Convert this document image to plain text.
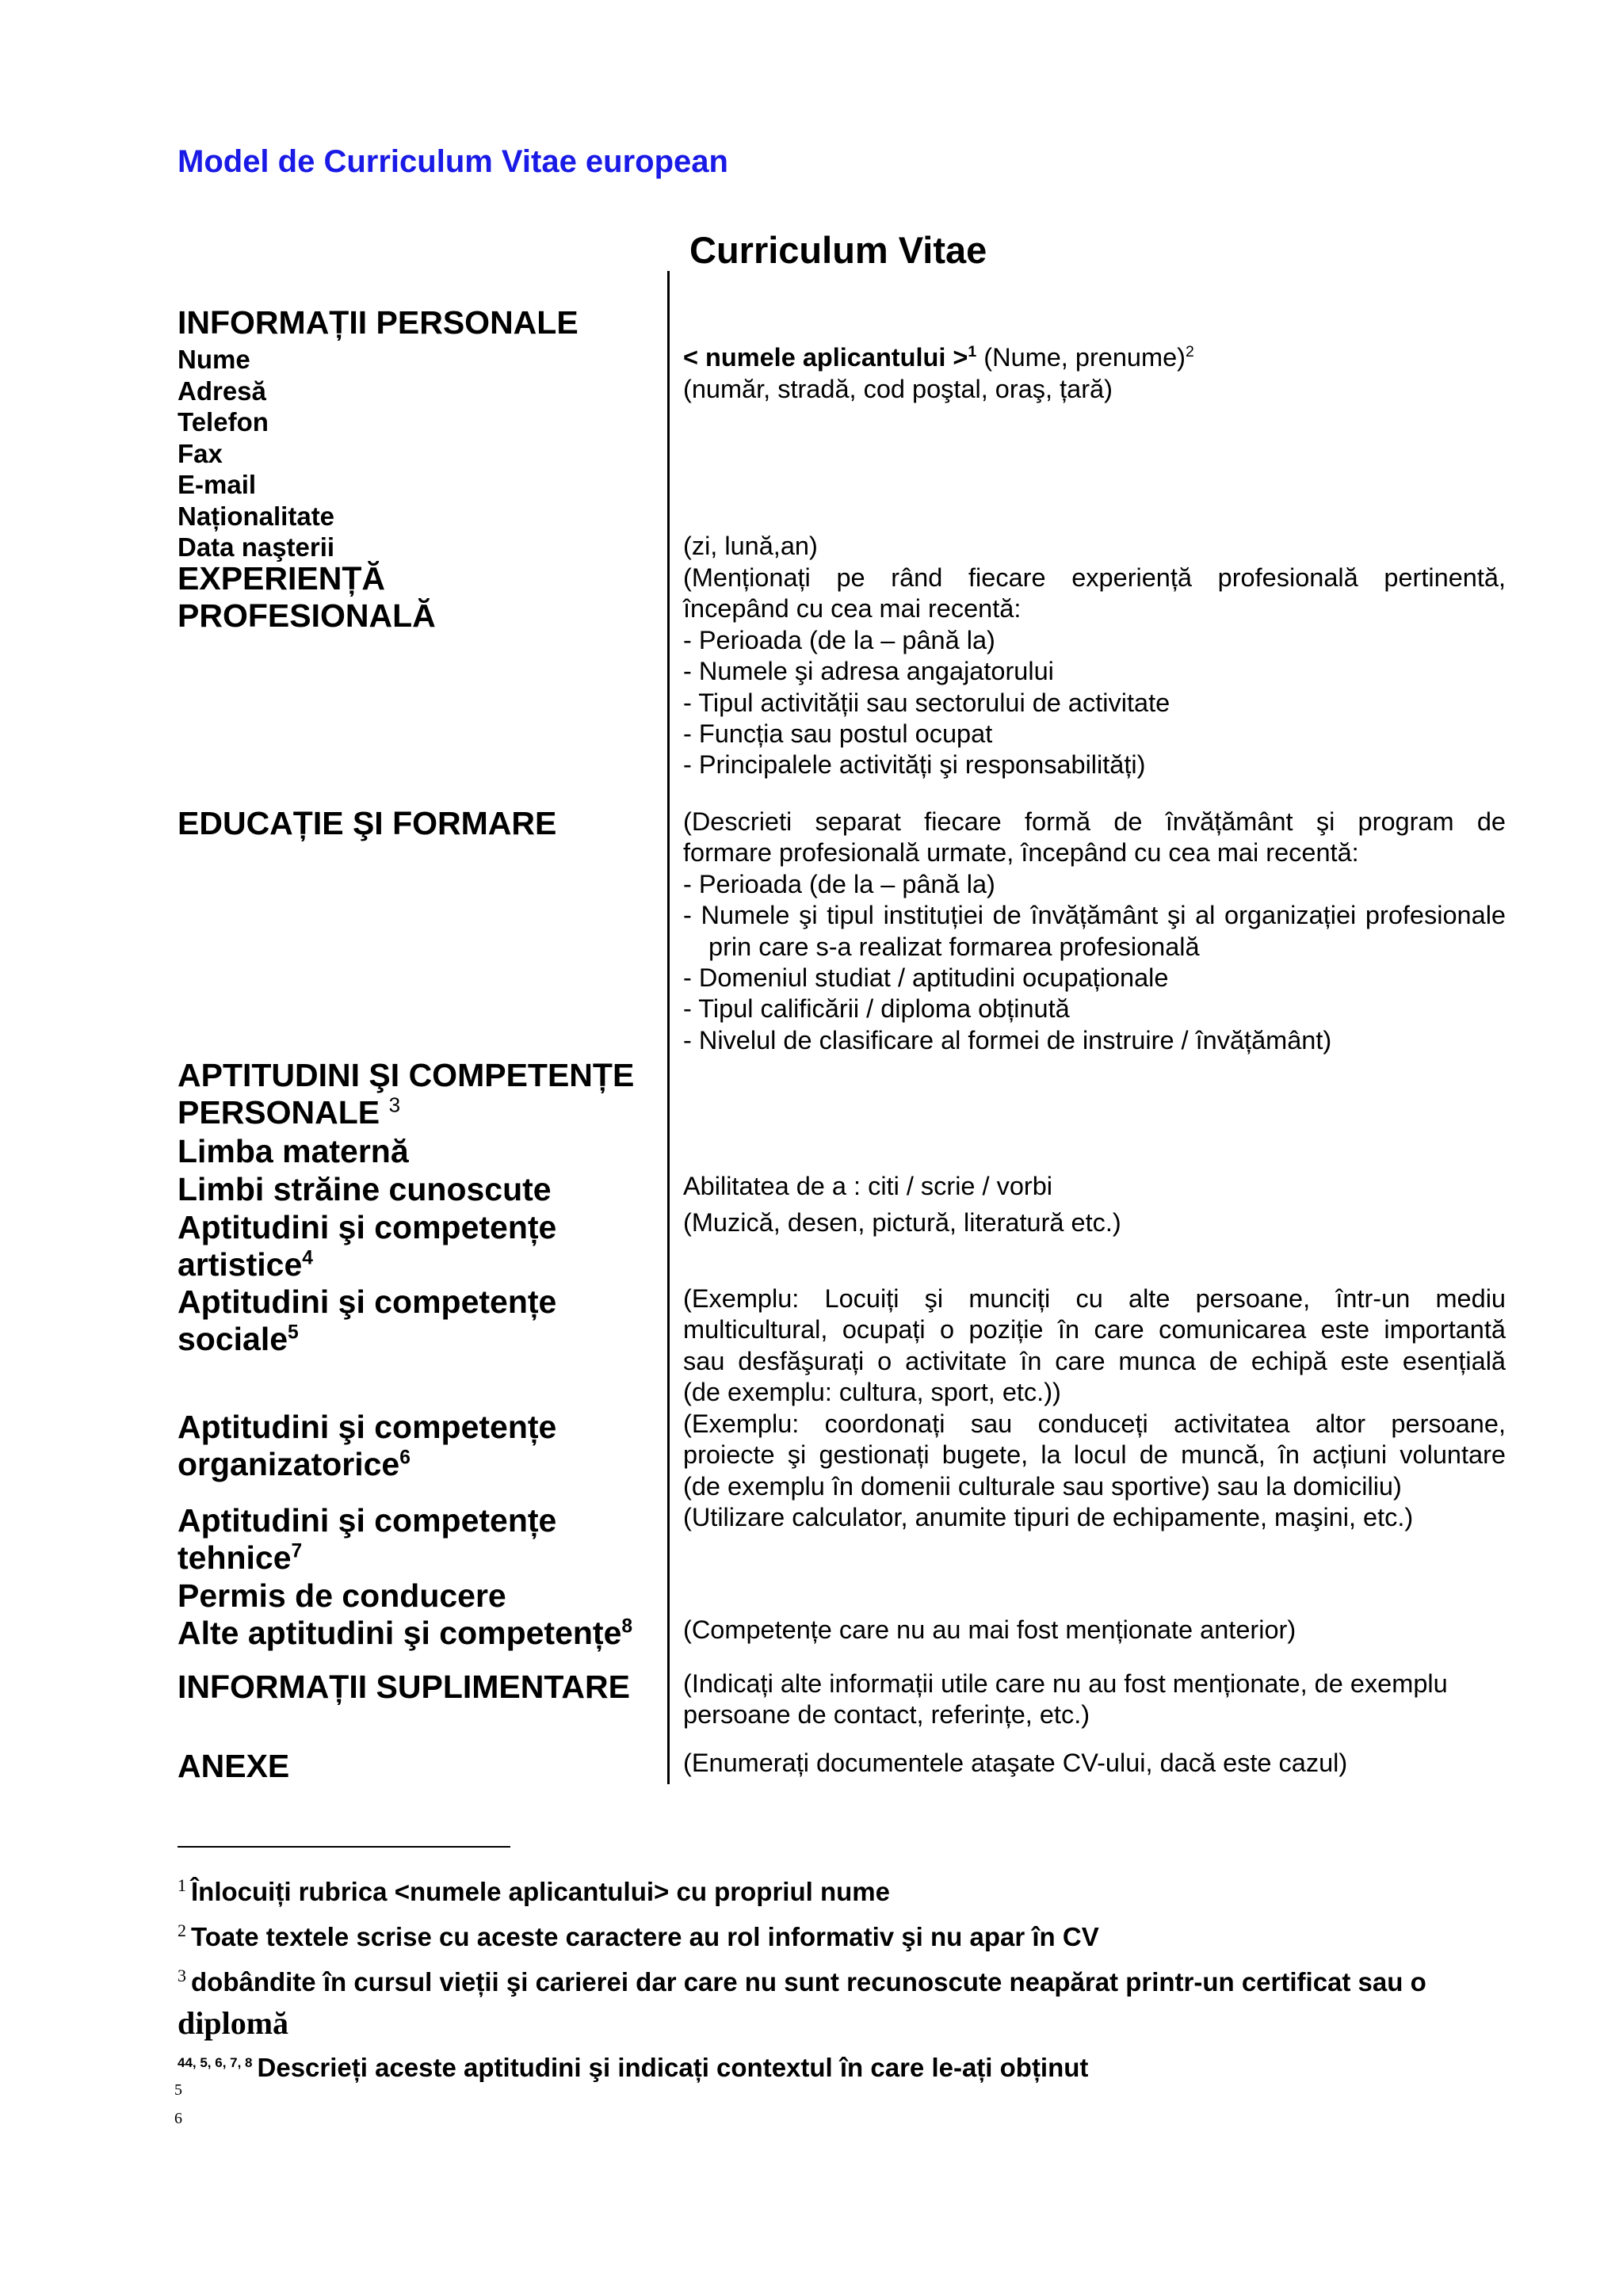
Model de Curriculum Vitae european
Curriculum Vitae
INFORMAȚII PERSONALE
Nume
Adresă
Telefon
Fax
E-mail
Naționalitate
Data naşterii
EXPERIENȚĂ
PROFESIONALĂ
EDUCAȚIE ŞI FORMARE
APTITUDINI ŞI COMPETENȚE
PERSONALE $^3$
Limba maternă
Limbi străine cunoscute
Aptitudini şi competențe
artistice$^4$
Aptitudini şi competențe
sociale$^5$
Aptitudini şi competențe
organizatorice$^6$
Aptitudini şi competențe
tehnice$^7$
Permis de conducere
Alte aptitudini şi competențe$^8$
INFORMAȚII SUPLIMENTARE
ANEXE
< numele aplicantului >$^1$ (Nume, prenume)$^2$
(număr, stradă, cod poştal, oraş, țară)
(zi, lună,an)
(Menționați pe rând fiecare experiență profesională pertinentă,
începând cu cea mai recentă:
- Perioada (de la – până la)
- Numele şi adresa angajatorului
- Tipul activității sau sectorului de activitate
- Funcția sau postul ocupat
- Principalele activități şi responsabilități)
(Descrieti separat fiecare formă de învățământ şi program de
formare profesională urmate, începând cu cea mai recentă:
- Perioada (de la – până la)
- Numele şi tipul instituției de învățământ şi al organizației profesionale prin care s-a realizat formarea profesională
- Domeniul studiat / aptitudini ocupaționale
- Tipul calificării / diploma obținută
- Nivelul de clasificare al formei de instruire / învățământ)
Abilitatea de a : citi / scrie / vorbi
(Muzică, desen, pictură, literatură etc.)
(Exemplu: Locuiți şi munciți cu alte persoane, într-un mediu
multicultural, ocupați o poziție în care comunicarea este importantă
sau desfăşurați o activitate în care munca de echipă este esențială
(de exemplu: cultura, sport, etc.))
(Exemplu: coordonați sau conduceți activitatea altor persoane,
proiecte şi gestionați bugete, la locul de muncă, în acțiuni voluntare
(de exemplu în domenii culturale sau sportive) sau la domiciliu)
(Utilizare calculator, anumite tipuri de echipamente, maşini, etc.)
(Competențe care nu au mai fost menționate anterior)
(Indicați alte informații utile care nu au fost menționate, de exemplu
persoane de contact, referințe, etc.)
(Enumerați documentele ataşate CV-ului, dacă este cazul)
$^1$ Înlocuiți rubrica <numele aplicantului> cu propriul nume
$^2$ Toate textele scrise cu aceste caractere au rol informativ şi nu apar în CV
$^3$ dobândite în cursul vieții şi carierei dar care nu sunt recunoscute neapărat printr-un certificat sau o
diplomă
$^{44, 5, 6, 7, 8}$ Descrieți aceste aptitudini şi indicați contextul în care le-ați obținut
5
6
